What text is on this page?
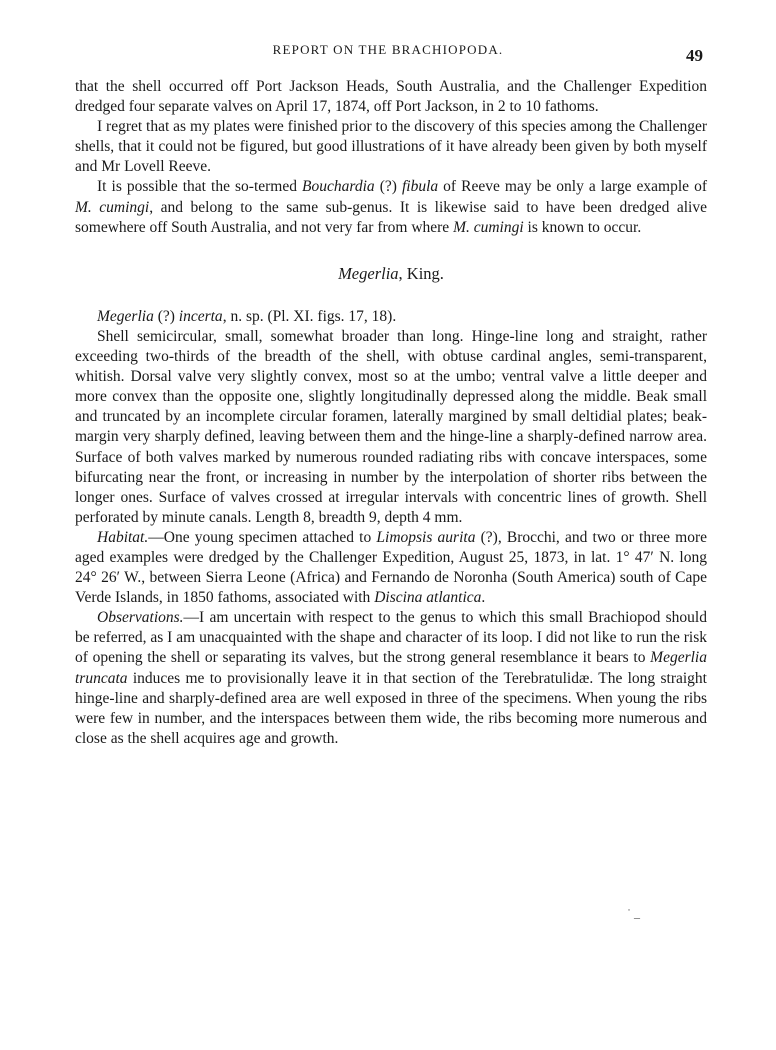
REPORT ON THE BRACHIOPODA.	49

that the shell occurred off Port Jackson Heads, South Australia, and the Challenger Expedition dredged four separate valves on April 17, 1874, off Port Jackson, in 2 to 10 fathoms.

I regret that as my plates were finished prior to the discovery of this species among the Challenger shells, that it could not be figured, but good illustrations of it have already been given by both myself and Mr Lovell Reeve.

It is possible that the so-termed Bouchardia (?) fibula of Reeve may be only a large example of M. cumingi, and belong to the same sub-genus. It is likewise said to have been dredged alive somewhere off South Australia, and not very far from where M. cumingi is known to occur.

Megerlia, King.

Megerlia (?) incerta, n. sp. (Pl. XI. figs. 17, 18).

Shell semicircular, small, somewhat broader than long. Hinge-line long and straight, rather exceeding two-thirds of the breadth of the shell, with obtuse cardinal angles, semi-transparent, whitish. Dorsal valve very slightly convex, most so at the umbo; ventral valve a little deeper and more convex than the opposite one, slightly longitudinally depressed along the middle. Beak small and truncated by an incomplete circular foramen, laterally margined by small deltidial plates; beak-margin very sharply defined, leaving between them and the hinge-line a sharply-defined narrow area. Surface of both valves marked by numerous rounded radiating ribs with concave interspaces, some bifurcating near the front, or increasing in number by the interpolation of shorter ribs between the longer ones. Surface of valves crossed at irregular intervals with concentric lines of growth. Shell perforated by minute canals. Length 8, breadth 9, depth 4 mm.

Habitat.—One young specimen attached to Limopsis aurita (?), Brocchi, and two or three more aged examples were dredged by the Challenger Expedition, August 25, 1873, in lat. 1° 47′ N. long 24° 26′ W., between Sierra Leone (Africa) and Fernando de Noronha (South America) south of Cape Verde Islands, in 1850 fathoms, associated with Discina atlantica.

Observations.—I am uncertain with respect to the genus to which this small Brachiopod should be referred, as I am unacquainted with the shape and character of its loop. I did not like to run the risk of opening the shell or separating its valves, but the strong general resemblance it bears to Megerlia truncata induces me to provisionally leave it in that section of the Terebratulidæ. The long straight hinge-line and sharply-defined area are well exposed in three of the specimens. When young the ribs were few in number, and the interspaces between them wide, the ribs becoming more numerous and close as the shell acquires age and growth.

˙ _
